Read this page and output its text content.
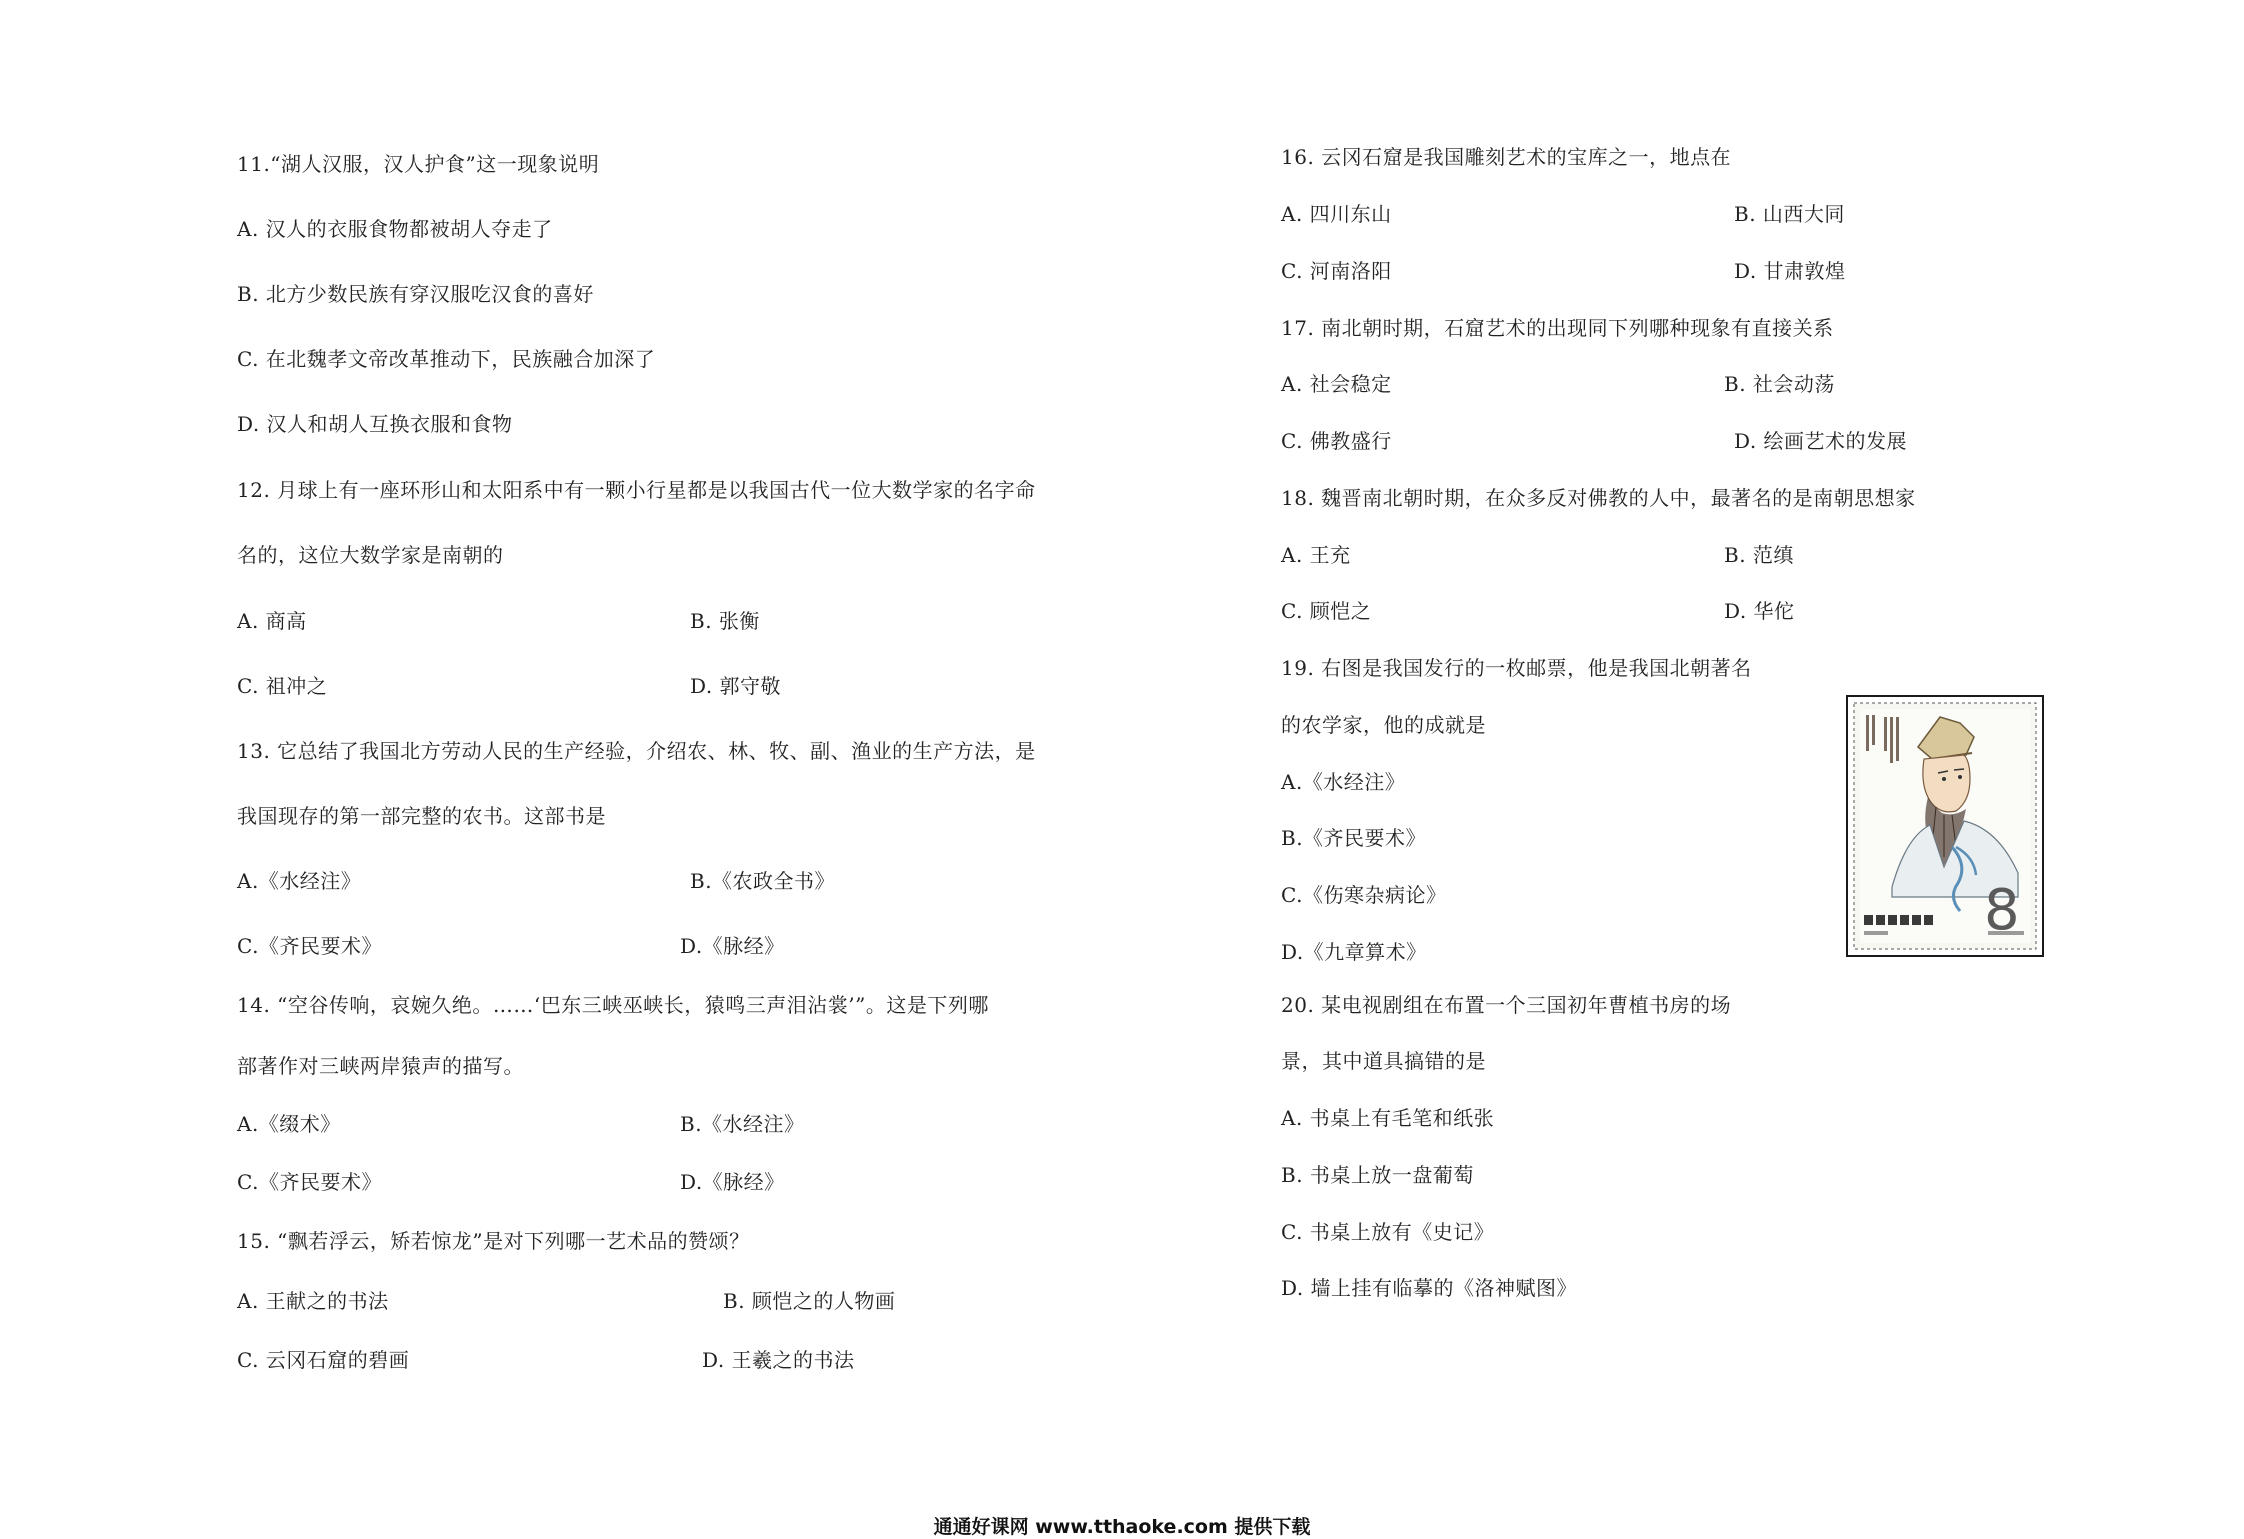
11.“湖人汉服，汉人护食”这一现象说明
A. 汉人的衣服食物都被胡人夺走了
B. 北方少数民族有穿汉服吃汉食的喜好
C. 在北魏孝文帝改革推动下，民族融合加深了
D. 汉人和胡人互换衣服和食物
12. 月球上有一座环形山和太阳系中有一颗小行星都是以我国古代一位大数学家的名字命
名的，这位大数学家是南朝的
A. 商高	B. 张衡
C. 祖冲之	D. 郭守敬
13. 它总结了我国北方劳动人民的生产经验，介绍农、林、牧、副、渔业的生产方法，是
我国现存的第一部完整的农书。这部书是
A.《水经注》	B.《农政全书》
C.《齐民要术》	D.《脉经》
14. “空谷传响，哀婉久绝。……‘巴东三峡巫峡长，猿鸣三声泪沾裳’”。这是下列哪
部著作对三峡两岸猿声的描写。
A.《缀术》	B.《水经注》
C.《齐民要术》	D.《脉经》
15. “飘若浮云，矫若惊龙”是对下列哪一艺术品的赞颂？
A. 王献之的书法	B. 顾恺之的人物画
C. 云冈石窟的碧画	D. 王羲之的书法
16. 云冈石窟是我国雕刻艺术的宝库之一，地点在
A. 四川东山	B. 山西大同
C. 河南洛阳	D. 甘肃敦煌
17. 南北朝时期，石窟艺术的出现同下列哪种现象有直接关系
A. 社会稳定	B. 社会动荡
C. 佛教盛行	D. 绘画艺术的发展
18. 魏晋南北朝时期，在众多反对佛教的人中，最著名的是南朝思想家
A. 王充	B. 范缜
C. 顾恺之	D. 华佗
19. 右图是我国发行的一枚邮票，他是我国北朝著名
的农学家，他的成就是
A.《水经注》
B.《齐民要术》
C.《伤寒杂病论》
D.《九章算术》
8
20. 某电视剧组在布置一个三国初年曹植书房的场
景，其中道具搞错的是
A. 书桌上有毛笔和纸张
B. 书桌上放一盘葡萄
C. 书桌上放有《史记》
D. 墙上挂有临摹的《洛神赋图》
通通好课网 www.tthaoke.com 提供下载
